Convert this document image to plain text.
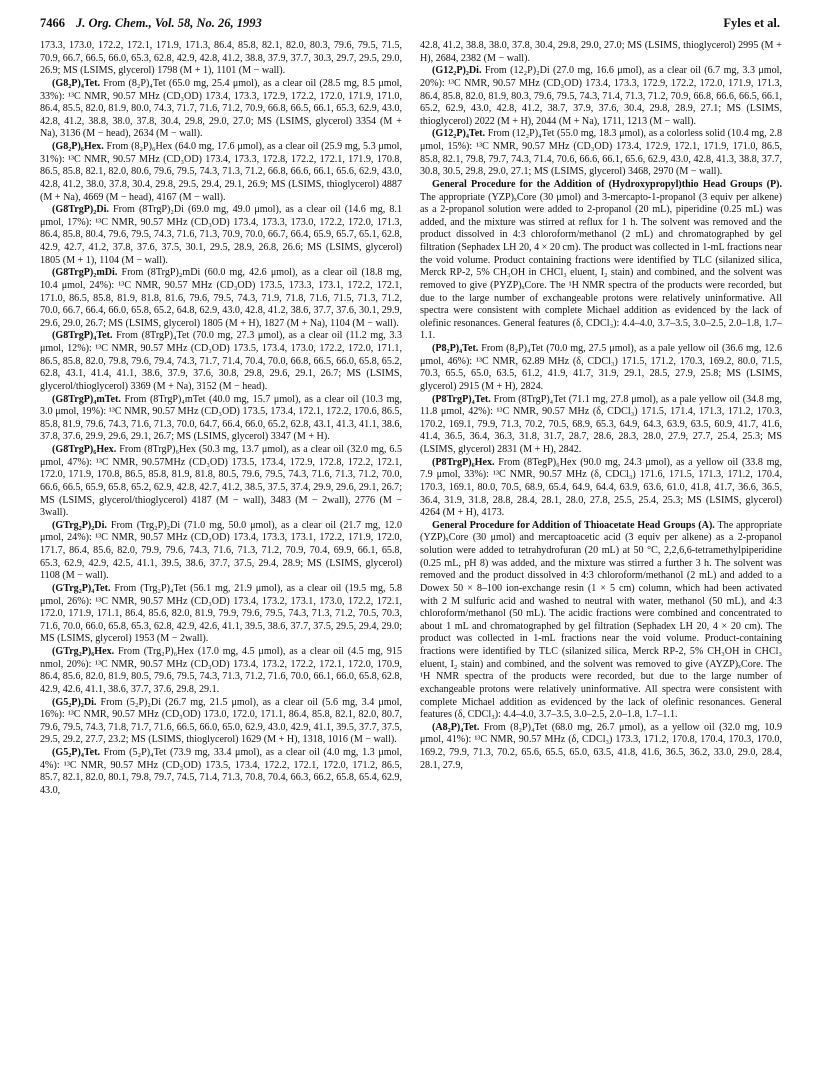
7466 J. Org. Chem., Vol. 58, No. 26, 1993	Fyles et al.

173.3, 173.0, 172.2, 172.1, 171.9, 171.3, 86.4, 85.8, 82.1, 82.0, 80.3, 79.6, 79.5, 71.5, 70.9, 66.7, 66.5, 66.0, 65.3, 62.8, 42.9, 42.8, 41.2, 38.8, 37.9, 37.7, 30.3, 29.7, 29.5, 29.0, 26.9; MS (LSIMS, glycerol) 1798 (M + 1), 1101 (M − wall).

(G8₂P)₄Tet. From (8₂P)₄Tet (65.0 mg, 25.4 μmol), as a clear oil (28.5 mg, 8.5 μmol, 33%): ¹³C NMR, 90.57 MHz (CD₃OD) 173.4, 173.3, 172.9, 172.2, 172.0, 171.9, 171.0, 86.4, 85.5, 82.0, 81.9, 80.0, 74.3, 71.7, 71.6, 71.2, 70.9, 66.8, 66.5, 66.1, 65.3, 62.9, 43.0, 42.8, 41.2, 38.8, 38.0, 37.8, 30.4, 29.8, 29.0, 27.0; MS (LSIMS, glycerol) 3354 (M + Na), 3136 (M − head), 2634 (M − wall).

(G8₂P)₆Hex. From (8₂P)₆Hex (64.0 mg, 17.6 μmol), as a clear oil (25.9 mg, 5.3 μmol, 31%): ¹³C NMR, 90.57 MHz (CD₃OD) 173.4, 173.3, 172.8, 172.2, 172.1, 171.9, 170.8, 86.5, 85.8, 82.1, 82.0, 80.6, 79.6, 79.5, 74.3, 71.3, 71.2, 66.8, 66.6, 66.1, 65.6, 62.9, 43.0, 42.8, 41.2, 38.0, 37.8, 30.4, 29.8, 29.5, 29.4, 29.1, 26.9; MS (LSIMS, thioglycerol) 4887 (M + Na), 4669 (M − head), 4167 (M − wall).

(G8TrgP)₂Di. From (8TrgP)₂Di (69.0 mg, 49.0 μmol), as a clear oil (14.6 mg, 8.1 μmol, 17%): ¹³C NMR, 90.57 MHz (CD₃OD) 173.4, 173.3, 173.0, 172.2, 172.0, 171.3, 86.4, 85.8, 80.4, 79.6, 79.5, 74.3, 71.6, 71.3, 70.9, 70.0, 66.7, 66.4, 65.9, 65.7, 65.1, 62.8, 42.9, 42.7, 41.2, 37.8, 37.6, 37.5, 30.1, 29.5, 28.9, 26.8, 26.6; MS (LSIMS, glycerol) 1805 (M + 1), 1104 (M − wall).

(G8TrgP)₂mDi. From (8TrgP)₂mDi (60.0 mg, 42.6 μmol), as a clear oil (18.8 mg, 10.4 μmol, 24%): ¹³C NMR, 90.57 MHz (CD₃OD) 173.5, 173.3, 173.1, 172.2, 172.1, 171.0, 86.5, 85.8, 81.9, 81.8, 81.6, 79.6, 79.5, 74.3, 71.9, 71.8, 71.6, 71.5, 71.3, 71.2, 70.0, 66.7, 66.4, 66.0, 65.8, 65.2, 64.8, 62.9, 43.0, 42.8, 41.2, 38.6, 37.7, 37.6, 30.1, 29.9, 29.6, 29.0, 26.7; MS (LSIMS, glycerol) 1805 (M + H), 1827 (M + Na), 1104 (M − wall).

(G8TrgP)₄Tet. From (8TrgP)₄Tet (70.0 mg, 27.3 μmol), as a clear oil (11.2 mg, 3.3 μmol, 12%): ¹³C NMR, 90.57 MHz (CD₃OD) 173.5, 173.4, 173.0, 172.2, 172.0, 171.1, 86.5, 85.8, 82.0, 79.8, 79.6, 79.4, 74.3, 71.7, 71.4, 70.4, 70.0, 66.8, 66.5, 66.0, 65.8, 65.2, 62.8, 43.1, 41.4, 41.1, 38.6, 37.9, 37.6, 30.8, 29.8, 29.6, 29.1, 26.7; MS (LSIMS, glycerol/thioglycerol) 3369 (M + Na), 3152 (M − head).

(G8TrgP)₄mTet. From (8TrgP)₄mTet (40.0 mg, 15.7 μmol), as a clear oil (10.3 mg, 3.0 μmol, 19%): ¹³C NMR, 90.57 MHz (CD₃OD) 173.5, 173.4, 172.1, 172.2, 170.6, 86.5, 85.8, 81.9, 79.6, 74.3, 71.6, 71.3, 70.0, 64.7, 66.4, 66.0, 65.2, 62.8, 43.1, 41.3, 41.1, 38.6, 37.8, 37.6, 29.9, 29.6, 29.1, 26.7; MS (LSIMS, glycerol) 3347 (M + H).

(G8TrgP)₆Hex. From (8TrgP)₆Hex (50.3 mg, 13.7 μmol), as a clear oil (32.0 mg, 6.5 μmol, 47%): ¹³C NMR, 90.57MHz (CD₃OD) 173.5, 173.4, 172.9, 172.8, 172.2, 172.1, 172.0, 171.9, 170.8, 86.5, 85.8, 81.9, 81.8, 80.5, 79.6, 79.5, 74.3, 71.6, 71.3, 71.2, 70.0, 66.6, 66.5, 65.9, 65.8, 65.2, 62.9, 42.8, 42.7, 41.2, 38.5, 37.5, 37.4, 29.9, 29.6, 29.1, 26.7; MS (LSIMS, glycerol/thioglycerol) 4187 (M − wall), 3483 (M − 2wall), 2776 (M − 3wall).

(GTrg₂P)₂Di. From (Trg₂P)₂Di (71.0 mg, 50.0 μmol), as a clear oil (21.7 mg, 12.0 μmol, 24%): ¹³C NMR, 90.57 MHz (CD₃OD) 173.4, 173.3, 173.1, 172.2, 171.9, 172.0, 171.7, 86.4, 85.6, 82.0, 79.9, 79.6, 74.3, 71.6, 71.3, 71.2, 70.9, 70.4, 69.9, 66.1, 65.8, 65.3, 62.9, 42.9, 42.5, 41.1, 39.5, 38.6, 37.7, 37.5, 29.4, 28.9; MS (LSIMS, glycerol) 1108 (M − wall).

(GTrg₂P)₄Tet. From (Trg₂P)₄Tet (56.1 mg, 21.9 μmol), as a clear oil (19.5 mg, 5.8 μmol, 26%): ¹³C NMR, 90.57 MHz (CD₃OD) 173.4, 173.2, 173.1, 173.0, 172.2, 172.1, 172.0, 171.9, 171.1, 86.4, 85.6, 82.0, 81.9, 79.9, 79.6, 79.5, 74.3, 71.3, 71.2, 70.5, 70.3, 71.6, 70.0, 66.0, 65.8, 65.3, 62.8, 42.9, 42.6, 41.1, 39.5, 38.6, 37.7, 37.5, 29.5, 29.4, 29.0; MS (LSIMS, glycerol) 1953 (M − 2wall).

(GTrg₂P)₆Hex. From (Trg₂P)₆Hex (17.0 mg, 4.5 μmol), as a clear oil (4.5 mg, 915 nmol, 20%): ¹³C NMR, 90.57 MHz (CD₃OD) 173.4, 173.2, 172.2, 172.1, 172.0, 170.9, 86.4, 85.6, 82.0, 81.9, 80.5, 79.6, 79.5, 74.3, 71.3, 71.2, 71.6, 70.0, 66.1, 66.0, 65.8, 62.8, 42.9, 42.6, 41.1, 38.6, 37.7, 37.6, 29.8, 29.1.

(G5₂P)₂Di. From (5₂P)₂Di (26.7 mg, 21.5 μmol), as a clear oil (5.6 mg, 3.4 μmol, 16%): ¹³C NMR, 90.57 MHz (CD₃OD) 173.0, 172.0, 171.1, 86.4, 85.8, 82.1, 82.0, 80.7, 79.6, 79.5, 74.3, 71.8, 71.7, 71.6, 66.5, 66.0, 65.0, 62.9, 43.0, 42.9, 41.1, 39.5, 37.7, 37.5, 29.5, 29.2, 27.7, 23.2; MS (LSIMS, thioglycerol) 1629 (M + H), 1318, 1016 (M − wall).

(G5₂P)₄Tet. From (5₂P)₄Tet (73.9 mg, 33.4 μmol), as a clear oil (4.0 mg, 1.3 μmol, 4%): ¹³C NMR, 90.57 MHz (CD₃OD) 173.5, 173.4, 172.2, 172.1, 172.0, 171.2, 86.5, 85.7, 82.1, 82.0, 80.1, 79.8, 79.7, 74.5, 71.4, 71.3, 70.8, 70.4, 66.3, 66.2, 65.8, 65.4, 62.9, 43.0,

42.8, 41.2, 38.8, 38.0, 37.8, 30.4, 29.8, 29.0, 27.0; MS (LSIMS, thioglycerol) 2995 (M + H), 2684, 2382 (M − wall).

(G12₂P)₂Di. From (12₂P)₂Di (27.0 mg, 16.6 μmol), as a clear oil (6.7 mg, 3.3 μmol, 20%): ¹³C NMR, 90.57 MHz (CD₃OD) 173.4, 173.3, 172.9, 172.2, 172.0, 171.9, 171.3, 86.4, 85.8, 82.0, 81.9, 80.3, 79.6, 79.5, 74.3, 71.4, 71.3, 71.2, 70.9, 66.8, 66.6, 66.5, 66.1, 65.2, 62.9, 43.0, 42.8, 41.2, 38.7, 37.9, 37.6, 30.4, 29.8, 28.9, 27.1; MS (LSIMS, thioglycerol) 2022 (M + H), 2044 (M + Na), 1711, 1213 (M − wall).

(G12₂P)₄Tet. From (12₂P)₄Tet (55.0 mg, 18.3 μmol), as a colorless solid (10.4 mg, 2.8 μmol, 15%): ¹³C NMR, 90.57 MHz (CD₃OD) 173.4, 172.9, 172.1, 171.9, 171.0, 86.5, 85.8, 82.1, 79.8, 79.7, 74.3, 71.4, 70.6, 66.6, 66.1, 65.6, 62.9, 43.0, 42.8, 41.3, 38.8, 37.7, 30.8, 30.5, 29.8, 29.0, 27.1; MS (LSIMS, glycerol) 3468, 2970 (M − wall).

General Procedure for the Addition of (Hydroxypropyl)thio Head Groups (P). The appropriate (YZP)ₓCore (30 μmol) and 3-mercapto-1-propanol (3 equiv per alkene) as a 2-propanol solution were added to 2-propanol (20 mL), piperidine (0.25 mL) was added, and the mixture was stirred at reflux for 1 h. The solvent was removed and the product dissolved in 4:3 chloroform/methanol (2 mL) and chromatographed by gel filtration (Sephadex LH 20, 4 × 20 cm). The product was collected in 1-mL fractions near the void volume. Product containing fractions were identified by TLC (silanized silica, Merck RP-2, 5% CH₃OH in CHCl₃ eluent, I₂ stain) and combined, and the solvent was removed to give (PYZP)ₓCore. The ¹H NMR spectra of the products were recorded, but due to the large number of exchangeable protons were relatively uninformative. All spectra were consistent with complete Michael addition as evidenced by the lack of olefinic resonances. General features (δ, CDCl₃): 4.4–4.0, 3.7–3.5, 3.0–2.5, 2.0–1.8, 1.7–1.1.

(P8₂P)₄Tet. From (8₂P)₄Tet (70.0 mg, 27.5 μmol), as a pale yellow oil (36.6 mg, 12.6 μmol, 46%): ¹³C NMR, 62.89 MHz (δ, CDCl₃) 171.5, 171.2, 170.3, 169.2, 80.0, 71.5, 70.3, 65.5, 65.0, 63.5, 61.2, 41.9, 41.7, 31.9, 29.1, 28.5, 27.9, 25.8; MS (LSIMS, glycerol) 2915 (M + H), 2824.

(P8TrgP)₄Tet. From (8TrgP)₄Tet (71.1 mg, 27.8 μmol), as a pale yellow oil (34.8 mg, 11.8 μmol, 42%): ¹³C NMR, 90.57 MHz (δ, CDCl₃) 171.5, 171.4, 171.3, 171.2, 170.3, 170.2, 169.1, 79.9, 71.3, 70.2, 70.5, 68.9, 65.3, 64.9, 64.3, 63.9, 63.5, 60.9, 41.7, 41.6, 41.4, 36.5, 36.4, 36.3, 31.8, 31.7, 28.7, 28.6, 28.3, 28.0, 27.9, 27.7, 25.4, 25.3; MS (LSIMS, glycerol) 2831 (M + H), 2842.

(P8TrgP)₆Hex. From (8TegP)₆Hex (90.0 mg, 24.3 μmol), as a yellow oil (33.8 mg, 7.9 μmol, 33%): ¹³C NMR, 90.57 MHz (δ, CDCl₃) 171.6, 171.5, 171.3, 171.2, 170.4, 170.3, 169.1, 80.0, 70.5, 68.9, 65.4, 64.9, 64.4, 63.9, 63.6, 61.0, 41.8, 41.7, 36.6, 36.5, 36.4, 31.9, 31.8, 28.8, 28.4, 28.1, 28.0, 27.8, 25.5, 25.4, 25.3; MS (LSIMS, glycerol) 4264 (M + H), 4173.

General Procedure for Addition of Thioacetate Head Groups (A). The appropriate (YZP)ₓCore (30 μmol) and mercaptoacetic acid (3 equiv per alkene) as a 2-propanol solution were added to tetrahydrofuran (20 mL) at 50 °C, 2,2,6,6-tetramethylpiperidine (0.25 mL, pH 8) was added, and the mixture was stirred a further 3 h. The solvent was removed and the product dissolved in 4:3 chloroform/methanol (2 mL) and added to a Dowex 50 × 8–100 ion-exchange resin (1 × 5 cm) column, which had been activated with 2 M sulfuric acid and washed to neutral with water, methanol (50 mL), and 4:3 chloroform/methanol (50 mL). The acidic fractions were combined and concentrated to about 1 mL and chromatographed by gel filtration (Sephadex LH 20, 4 × 20 cm). The product was collected in 1-mL fractions near the void volume. Product-containing fractions were identified by TLC (silanized silica, Merck RP-2, 5% CH₃OH in CHCl₃ eluent, I₂ stain) and combined, and the solvent was removed to give (AYZP)ₓCore. The ¹H NMR spectra of the products were recorded, but due to the large number of exchangeable protons were relatively uninformative. All spectra were consistent with complete Michael addition as evidenced by the lack of olefinic resonances. General features (δ, CDCl₃): 4.4–4.0, 3.7–3.5, 3.0–2.5, 2.0–1.8, 1.7–1.1.

(A8₂P)₄Tet. From (8₂P)₄Tet (68.0 mg, 26.7 μmol), as a yellow oil (32.0 mg, 10.9 μmol, 41%): ¹³C NMR, 90.57 MHz (δ, CDCl₃) 173.3, 171.2, 170.8, 170.4, 170.3, 170.0, 169.2, 79.9, 71.3, 70.2, 65.6, 65.5, 65.0, 63.5, 41.8, 41.6, 36.5, 36.2, 33.0, 29.0, 28.4, 28.1, 27.9,
